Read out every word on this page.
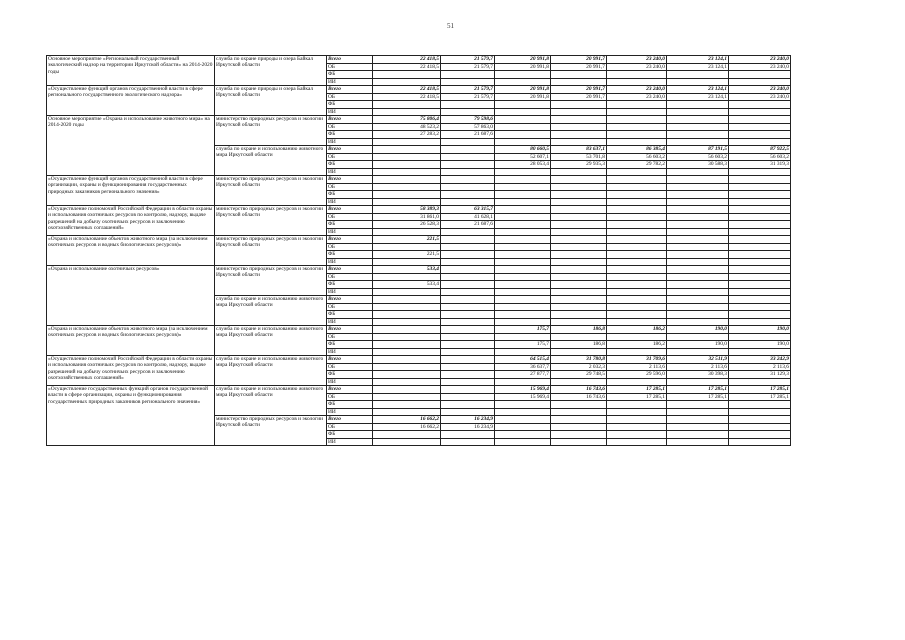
51
Основное мероприятие «Региональный государственный экологический надзор на территории Иркутской области» на 2014-2020 годы	служба по охране природы и озера Байкал Иркутской области	Всего	22 418,5	21 579,7	20 991,8	20 991,7	23 240,0	23 124,1	23 240,0
		ОБ	22 418,5	21 579,7	20 991,8	20 991,7	23 240,0	23 124,1	23 240,0
		ФБ							
		ИИ							
«Осуществление функций органов государственной власти в сфере регионального государственного экологического надзора»	служба по охране природы и озера Байкал Иркутской области	Всего	22 418,5	21 579,7	20 991,8	20 991,7	23 240,0	23 124,1	23 240,0
		ОБ	22 418,5	21 579,7	20 991,8	20 991,7	23 240,0	23 124,1	23 240,0
		ФБ							
		ИИ							
Основное мероприятие «Охрана и использование животного мира» на 2014-2020 годы	министерство природных ресурсов и экологии Иркутской области	Всего	75 806,4	79 598,6					
		ОБ	48 523,2	57 863,0					
		ФБ	27 283,2	21 687,6					
		ИИ							
	служба по охране и использованию животного мира Иркутской области	Всего			80 660,5	83 637,1	86 385,4	87 191,5	87 922,5
		ОБ			52 607,1	53 701,8	56 603,2	56 603,2	56 603,2
		ФБ			28 053,4	29 935,3	29 782,2	30 588,3	31 319,3
		ИИ							
«Осуществление функций органов государственной власти в сфере организации, охраны и функционирования государственных природных заказников регионального значения»	министерство природных ресурсов и экологии Иркутской области	Всего							
		ОБ							
		ФБ							
		ИИ							
«Осуществление полномочий Российской Федерации в области охраны и использования охотничьих ресурсов по контролю, надзору, выдаче разрешений на добычу охотничьих ресурсов и заключению охотхозяйственных соглашений»	министерство природных ресурсов и экологии Иркутской области	Всего	58 389,3	63 315,7					
		ОБ	31 861,0	41 628,1					
		ФБ	26 528,3	21 687,6					
		ИИ							
«Охрана и использование объектов животного мира (за исключением охотничьих ресурсов и водных биологических ресурсов)»	министерство природных ресурсов и экологии Иркутской области	Всего	221,5						
		ОБ							
		ФБ	221,5						
		ИИ							
«Охрана и использование охотничьих ресурсов»	министерство природных ресурсов и экологии Иркутской области	Всего	533,4						
		ОБ							
		ФБ	533,4						
		ИИ							
	служба по охране и использованию животного мира Иркутской области	Всего							
		ОБ							
		ФБ							
		ИИ							
«Охрана и использование объектов животного мира (за исключением охотничьих ресурсов и водных биологических ресурсов)»	служба по охране и использованию животного мира Иркутской области	Всего			175,7	186,8	186,2	190,0	190,0
		ОБ							
		ФБ			175,7	186,8	186,2	190,0	190,0
		ИИ							
«Осуществление полномочий Российской Федерации в области охраны и использования охотничьих ресурсов по контролю, надзору, выдаче разрешений на добычу охотничьих ресурсов и заключению охотхозяйственных соглашений»	служба по охране и использованию животного мира Иркутской области	Всего			64 515,4	31 780,8	31 709,6	32 511,9	33 242,9
		ОБ			36 637,7	2 032,3	2 113,6	2 113,6	2 113,6
		ФБ			27 877,7	29 748,5	29 596,0	30 398,3	31 129,3
		ИИ							
«Осуществление государственных функций органов государственной власти в сфере организации, охраны и функционирования государственных природных заказников регионального значения»	служба по охране и использованию животного мира Иркутской области	Всего			15 969,4	16 743,6	17 285,1	17 285,1	17 285,1
		ОБ			15 969,4	16 743,6	17 285,1	17 285,1	17 285,1
		ФБ							
		ИИ							
	министерство природных ресурсов и экологии Иркутской области	Всего	16 662,2	16 234,9					
		ОБ	16 662,2	16 234,9					
		ФБ							
		ИИ							
